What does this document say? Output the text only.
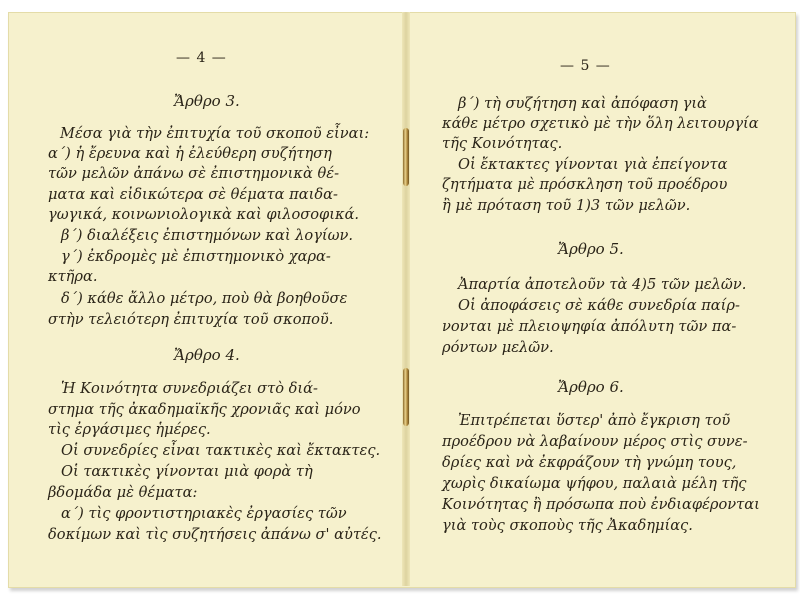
— 4 —
Ἄρθρο 3.
Μέσα γιὰ τὴν ἐπιτυχία τοῦ σκοποῦ εἶναι:
α΄) ἡ ἔρευνα καὶ ἡ ἐλεύθερη συζήτηση
τῶν μελῶν ἀπάνω σὲ ἐπιστημονικὰ θέ-
ματα καὶ εἰδικώτερα σὲ θέματα παιδα-
γωγικά, κοινωνιολογικὰ καὶ φιλοσοφικά.
β΄) διαλέξεις ἐπιστημόνων καὶ λογίων.
γ΄) ἐκδρομὲς μὲ ἐπιστημονικὸ χαρα-
κτῆρα.
δ΄) κάθε ἄλλο μέτρο, ποὺ θὰ βοηθοῦσε
στὴν τελειότερη ἐπιτυχία τοῦ σκοποῦ.
Ἄρθρο 4.
Ἡ Κοινότητα συνεδριάζει στὸ διά-
στημα τῆς ἀκαδημαϊκῆς χρονιᾶς καὶ μόνο
τὶς ἐργάσιμες ἡμέρες.
Οἱ συνεδρίες εἶναι τακτικὲς καὶ ἔκτακτες.
Οἱ τακτικὲς γίνονται μιὰ φορὰ τὴ
βδομάδα μὲ θέματα:
α΄) τὶς φροντιστηριακὲς ἐργασίες τῶν
δοκίμων καὶ τὶς συζητήσεις ἀπάνω σ' αὐτές.
— 5 —
β΄) τὴ συζήτηση καὶ ἀπόφαση γιὰ
κάθε μέτρο σχετικὸ μὲ τὴν ὅλη λειτουργία
τῆς Κοινότητας.
Οἱ ἔκτακτες γίνονται γιὰ ἐπείγοντα
ζητήματα μὲ πρόσκληση τοῦ προέδρου
ἢ μὲ πρόταση τοῦ 1)3 τῶν μελῶν.
Ἄρθρο 5.
Ἀπαρτία ἀποτελοῦν τὰ 4)5 τῶν μελῶν.
Οἱ ἀποφάσεις σὲ κάθε συνεδρία παίρ-
νονται μὲ πλειοψηφία ἀπόλυτη τῶν πα-
ρόντων μελῶν.
Ἄρθρο 6.
Ἐπιτρέπεται ὕστερ' ἀπὸ ἔγκριση τοῦ
προέδρου νὰ λαβαίνουν μέρος στὶς συνε-
δρίες καὶ νὰ ἐκφράζουν τὴ γνώμη τους,
χωρὶς δικαίωμα ψήφου, παλαιὰ μέλη τῆς
Κοινότητας ἢ πρόσωπα ποὺ ἐνδιαφέρονται
γιὰ τοὺς σκοποὺς τῆς Ἀκαδημίας.
